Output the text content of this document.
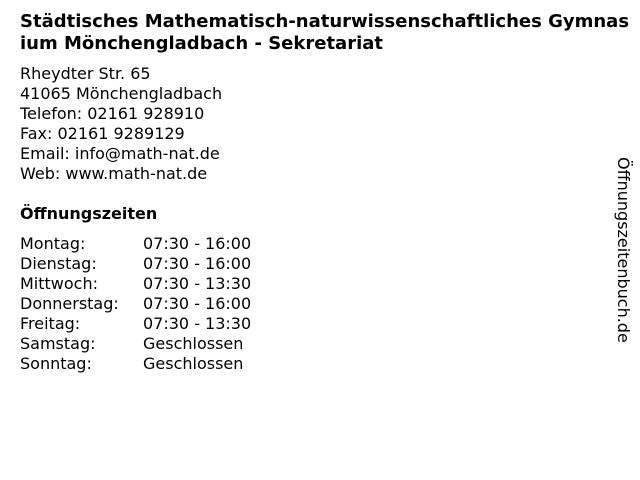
Städtisches Mathematisch-naturwissenschaftliches Gymnasium Mönchengladbach - Sekretariat
Rheydter Str. 65
41065 Mönchengladbach
Telefon: 02161 928910
Fax: 02161 9289129
Email: info@math-nat.de
Web: www.math-nat.de
Öffnungszeiten
Montag:	07:30 - 16:00
Dienstag:	07:30 - 16:00
Mittwoch:	07:30 - 13:30
Donnerstag: 07:30 - 16:00
Freitag:	07:30 - 13:30
Samstag:	Geschlossen
Sonntag:	Geschlossen
Öffnungszeitenbuch.de
